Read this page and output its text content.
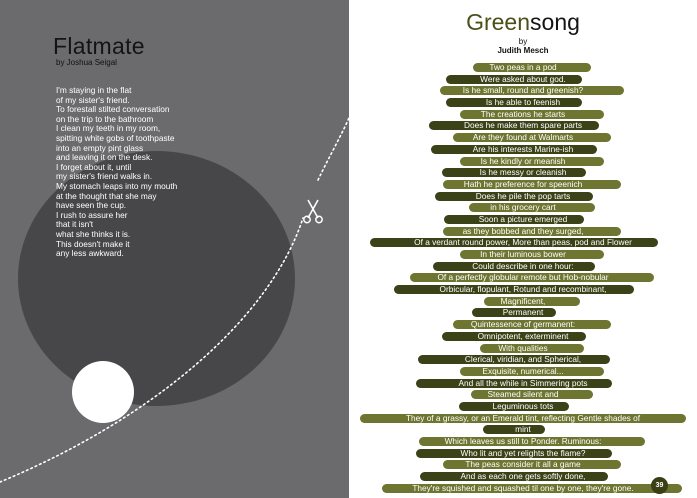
Flatmate
by Joshua Seigal
I'm staying in the flat
of my sister's friend.
To forestall stilted conversation
on the trip to the bathroom
I clean my teeth in my room,
spitting white gobs of toothpaste
into an empty pint glass
and leaving it on the desk.
I forget about it, until
my sister's friend walks in.
My stomach leaps into my mouth
at the thought that she may
have seen the cup.
I rush to assure her
that it isn't
what she thinks it is.
This doesn't make it
any less awkward.
Greensong
by
Judith Mesch
Two peas in a pod
Were asked about god.
Is he small, round and greenish?
Is he able to feenish
The creations he starts
Does he make them spare parts
Are they found at Walmarts
Are his interests Marine-ish
Is he kindly or meanish
Is he messy or cleanish
Hath he preference for speenich
Does he pile the pop tarts
in his grocery cart
Soon a picture emerged
as they bobbed and they surged,
Of a verdant round power, More than peas, pod and Flower
In their luminous bower
Could describe in one hour:
Of a perfectly globular remote but Hob-nobular
Orbicular, flopulant, Rotund and recombinant,
Magnificent,
Permanent
Quintessence of germanent:
Omnipotent, exterminent
With qualities
Clerical, viridian, and Spherical,
Exquisite, numerical...
And all the while in Simmering pots
Steamed silent and
Leguminous tots
They of a grassy, or an Emerald tint, reflecting Gentle shades of
mint
Which leaves us still to Ponder. Ruminous:
Who lit and yet relights the flame?
The peas consider it all a game
And as each one gets softly done,
They're squished and squashed til one by one, they're gone.	39
